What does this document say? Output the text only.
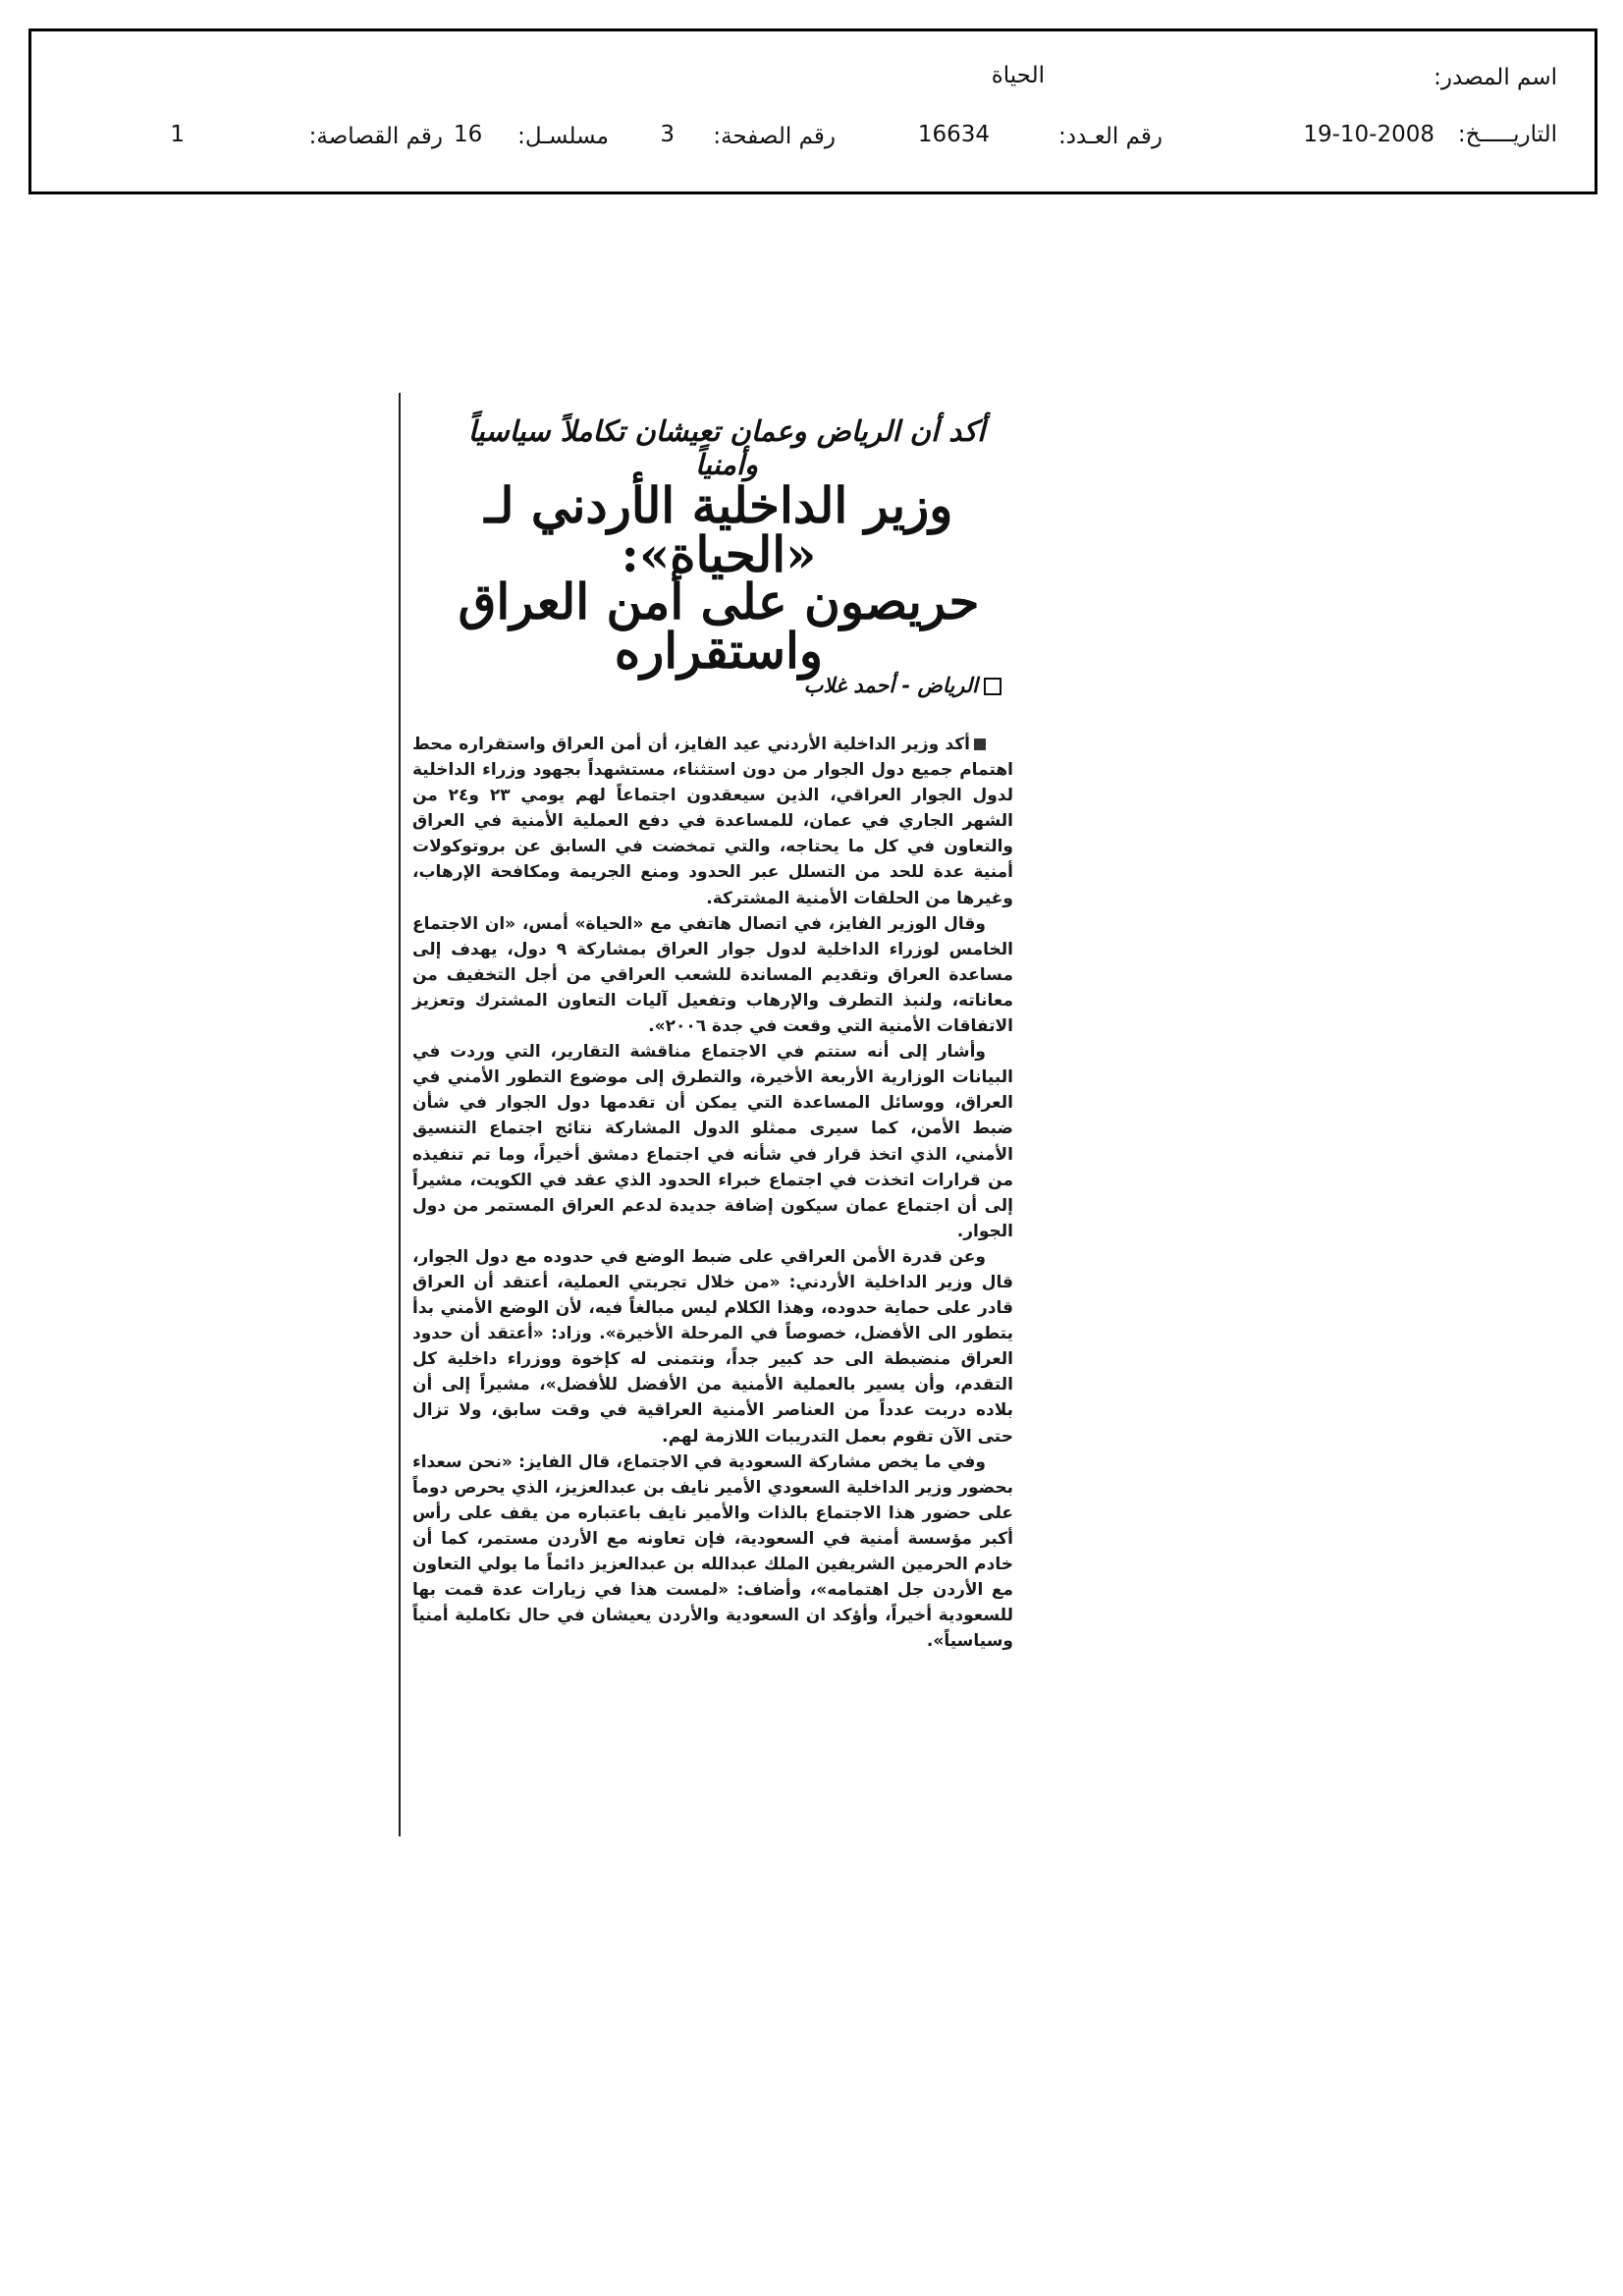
اسم المصدر:
الحياة
التاريـــــخ:
19-10-2008
رقم العـدد:
16634
رقم الصفحة:
3
مسلسـل:
رقم القصاصة: 16
1
أكد أن الرياض وعمان تعيشان تكاملاً سياسياً وأمنياً
وزير الداخلية الأردني لـ «الحياة»:
حريصون على أمن العراق واستقراره
الرياض - أحمد غلاب

أكد وزير الداخلية الأردني عيد الفايز، أن أمن العراق واستقراره محط اهتمام جميع دول الجوار من دون استثناء، مستشهداً بجهود وزراء الداخلية لدول الجوار العراقي، الذين سيعقدون اجتماعاً لهم يومي ٢٣ و٢٤ من الشهر الجاري في عمان، للمساعدة في دفع العملية الأمنية في العراق والتعاون في كل ما يحتاجه، والتي تمخضت في السابق عن بروتوكولات أمنية عدة للحد من التسلل عبر الحدود ومنع الجريمة ومكافحة الإرهاب، وغيرها من الحلقات الأمنية المشتركة.

وقال الوزير الفايز، في اتصال هاتفي مع «الحياة» أمس، «ان الاجتماع الخامس لوزراء الداخلية لدول جوار العراق بمشاركة ٩ دول، يهدف إلى مساعدة العراق وتقديم المساندة للشعب العراقي من أجل التخفيف من معاناته، ولنبذ التطرف والإرهاب وتفعيل آليات التعاون المشترك وتعزيز الاتفاقات الأمنية التي وقعت في جدة ٢٠٠٦».

وأشار إلى أنه ستتم في الاجتماع مناقشة التقارير، التي وردت في البيانات الوزارية الأربعة الأخيرة، والتطرق إلى موضوع التطور الأمني في العراق، ووسائل المساعدة التي يمكن أن تقدمها دول الجوار في شأن ضبط الأمن، كما سيرى ممثلو الدول المشاركة نتائج اجتماع التنسيق الأمني، الذي اتخذ قرار في شأنه في اجتماع دمشق أخيراً، وما تم تنفيذه من قرارات اتخذت في اجتماع خبراء الحدود الذي عقد في الكويت، مشيراً إلى أن اجتماع عمان سيكون إضافة جديدة لدعم العراق المستمر من دول الجوار.

وعن قدرة الأمن العراقي على ضبط الوضع في حدوده مع دول الجوار، قال وزير الداخلية الأردني: «من خلال تجربتي العملية، أعتقد أن العراق قادر على حماية حدوده، وهذا الكلام ليس مبالغاً فيه، لأن الوضع الأمني بدأ يتطور الى الأفضل، خصوصاً في المرحلة الأخيرة». وزاد: «أعتقد أن حدود العراق منضبطة الى حد كبير جداً، ونتمنى له كإخوة ووزراء داخلية كل التقدم، وأن يسير بالعملية الأمنية من الأفضل للأفضل»، مشيراً إلى أن بلاده دربت عدداً من العناصر الأمنية العراقية في وقت سابق، ولا تزال حتى الآن تقوم بعمل التدريبات اللازمة لهم.

وفي ما يخص مشاركة السعودية في الاجتماع، قال الفايز: «نحن سعداء بحضور وزير الداخلية السعودي الأمير نايف بن عبدالعزيز، الذي يحرص دوماً على حضور هذا الاجتماع بالذات والأمير نايف باعتباره من يقف على رأس أكبر مؤسسة أمنية في السعودية، فإن تعاونه مع الأردن مستمر، كما أن خادم الحرمين الشريفين الملك عبدالله بن عبدالعزيز دائماً ما يولي التعاون مع الأردن جل اهتمامه»، وأضاف: «لمست هذا في زيارات عدة قمت بها للسعودية أخيراً، وأؤكد ان السعودية والأردن يعيشان في حال تكاملية أمنياً وسياسياً».
